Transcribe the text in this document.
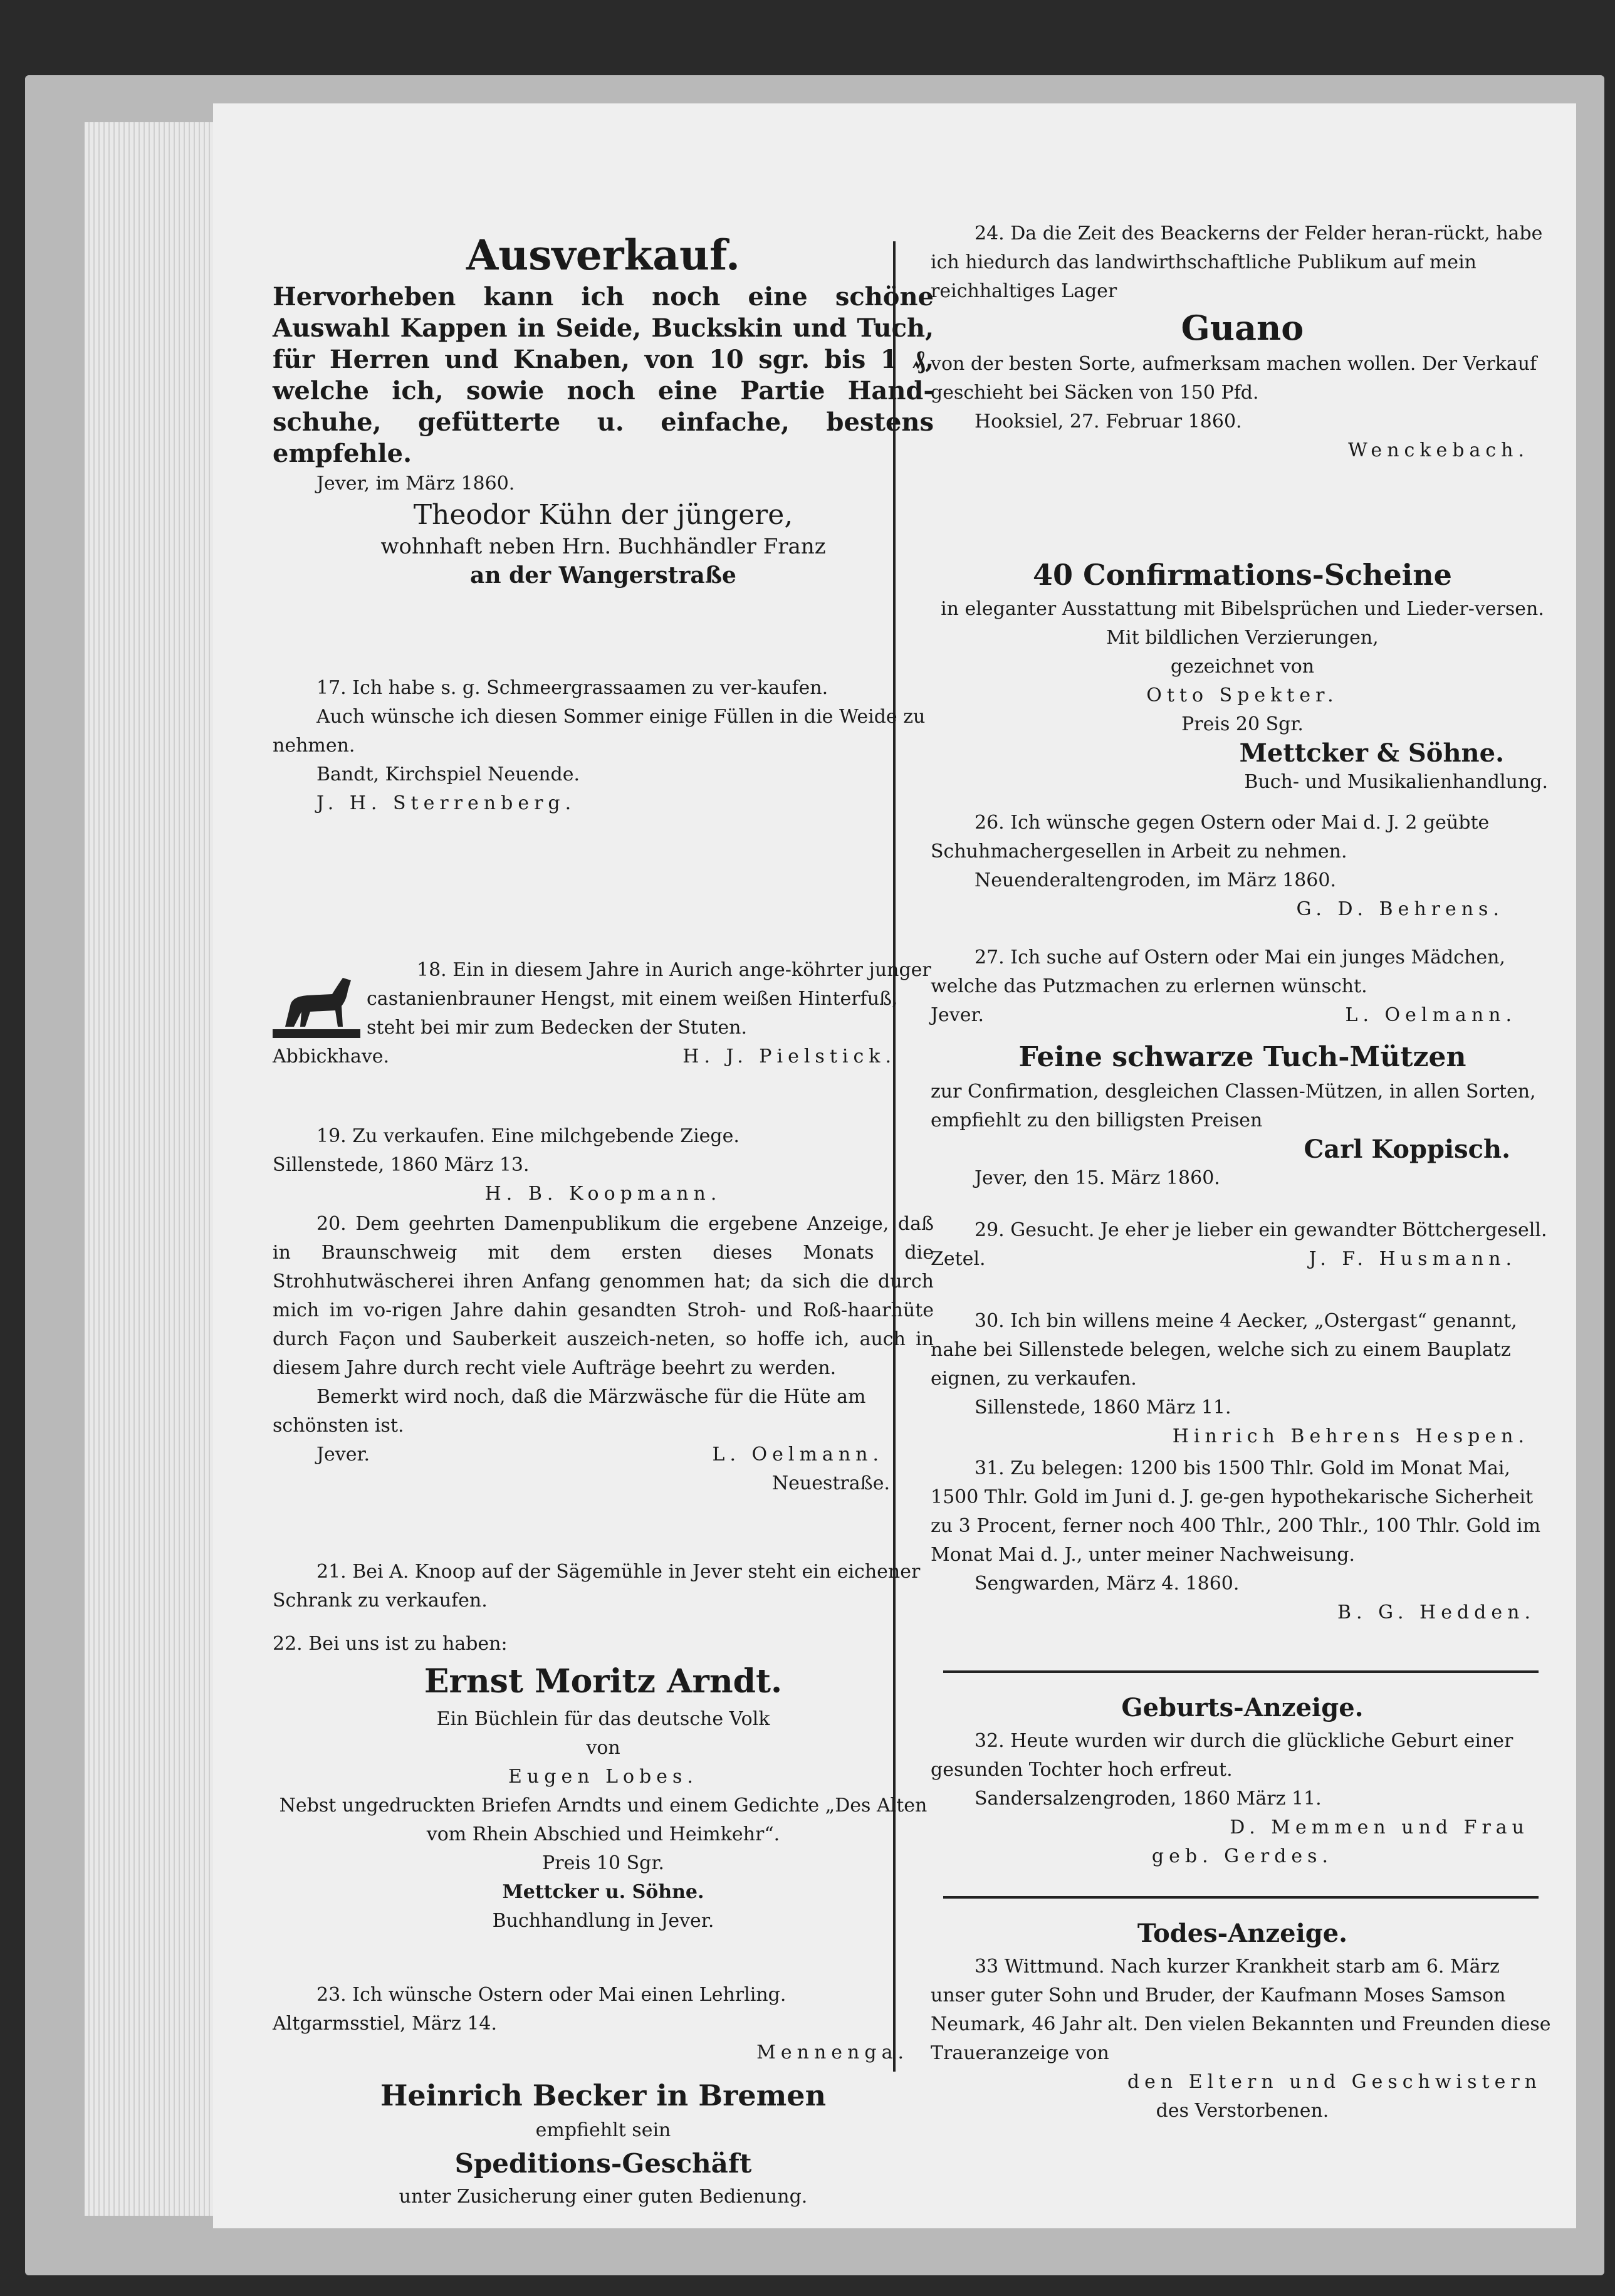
Ausverkauf.

Hervorheben kann ich noch eine schöne Auswahl Kappen in Seide, Buckskin und Tuch, für Herren und Knaben, von 10 sgr. bis 1 ₰, welche ich, sowie noch eine Partie Hand-schuhe, gefütterte u. einfache, bestens empfehle.

Jever, im März 1860.

Theodor Kühn der jüngere,

wohnhaft neben Hrn. Buchhändler Franz

an der Wangerstraße

17. Ich habe s. g. Schmeergrassaamen zu ver-kaufen.

Auch wünsche ich diesen Sommer einige Füllen in die Weide zu nehmen.

Bandt, Kirchspiel Neuende.

J. H. Sterrenberg.

18. Ein in diesem Jahre in Aurich ange-köhrter junger castanienbrauner Hengst, mit einem weißen Hinterfuß, steht bei mir zum Bedecken der Stuten.

Abbickhave.	H. J. Pielstick.

19. Zu verkaufen. Eine milchgebende Ziege.

Sillenstede, 1860 März 13.

H. B. Koopmann.

20. Dem geehrten Damenpublikum die ergebene Anzeige, daß in Braunschweig mit dem ersten dieses Monats die Strohhutwäscherei ihren Anfang genommen hat; da sich die durch mich im vo-rigen Jahre dahin gesandten Stroh- und Roß-haarhüte durch Façon und Sauberkeit auszeich-neten, so hoffe ich, auch in diesem Jahre durch recht viele Aufträge beehrt zu werden.

Bemerkt wird noch, daß die Märzwäsche für die Hüte am schönsten ist.

Jever.	L. Oelmann.

Neuestraße.

21. Bei A. Knoop auf der Sägemühle in Jever steht ein eichener Schrank zu verkaufen.

22. Bei uns ist zu haben:

Ernst Moritz Arndt.

Ein Büchlein für das deutsche Volk

von

Eugen Lobes.

Nebst ungedruckten Briefen Arndts und einem Gedichte „Des Alten vom Rhein Abschied und Heimkehr“.

Preis 10 Sgr.

Mettcker u. Söhne.

Buchhandlung in Jever.

23. Ich wünsche Ostern oder Mai einen Lehrling.

Altgarmsstiel, März 14.

Mennenga.

Heinrich Becker in Bremen

empfiehlt sein

Speditions-Geschäft

unter Zusicherung einer guten Bedienung.

24. Da die Zeit des Beackerns der Felder heran-rückt, habe ich hiedurch das landwirthschaftliche Publikum auf mein reichhaltiges Lager

Guano

von der besten Sorte, aufmerksam machen wollen. Der Verkauf geschieht bei Säcken von 150 Pfd.

Hooksiel, 27. Februar 1860.

Wenckebach.

40 Confirmations-Scheine

in eleganter Ausstattung mit Bibelsprüchen und Lieder-versen. Mit bildlichen Verzierungen,

gezeichnet von

Otto Spekter.

Preis 20 Sgr.

Mettcker & Söhne.

Buch- und Musikalienhandlung.

26. Ich wünsche gegen Ostern oder Mai d. J. 2 geübte Schuhmachergesellen in Arbeit zu nehmen.

Neuenderaltengroden, im März 1860.

G. D. Behrens.

27. Ich suche auf Ostern oder Mai ein junges Mädchen, welche das Putzmachen zu erlernen wünscht.

Jever.	L. Oelmann.

Feine schwarze Tuch-Mützen

zur Confirmation, desgleichen Classen-Mützen, in allen Sorten, empfiehlt zu den billigsten Preisen

Carl Koppisch.

Jever, den 15. März 1860.

29. Gesucht. Je eher je lieber ein gewandter Böttchergesell.

Zetel.	J. F. Husmann.

30. Ich bin willens meine 4 Aecker, „Ostergast“ genannt, nahe bei Sillenstede belegen, welche sich zu einem Bauplatz eignen, zu verkaufen.

Sillenstede, 1860 März 11.

Hinrich Behrens Hespen.

31. Zu belegen: 1200 bis 1500 Thlr. Gold im Monat Mai, 1500 Thlr. Gold im Juni d. J. ge-gen hypothekarische Sicherheit zu 3 Procent, ferner noch 400 Thlr., 200 Thlr., 100 Thlr. Gold im Monat Mai d. J., unter meiner Nachweisung.

Sengwarden, März 4. 1860.

B. G. Hedden.

Geburts-Anzeige.

32. Heute wurden wir durch die glückliche Geburt einer gesunden Tochter hoch erfreut.

Sandersalzengroden, 1860 März 11.

D. Memmen und Frau

geb. Gerdes.

Todes-Anzeige.

33 Wittmund. Nach kurzer Krankheit starb am 6. März unser guter Sohn und Bruder, der Kaufmann Moses Samson Neumark, 46 Jahr alt. Den vielen Bekannten und Freunden diese Traueranzeige von

den Eltern und Geschwistern

des Verstorbenen.
